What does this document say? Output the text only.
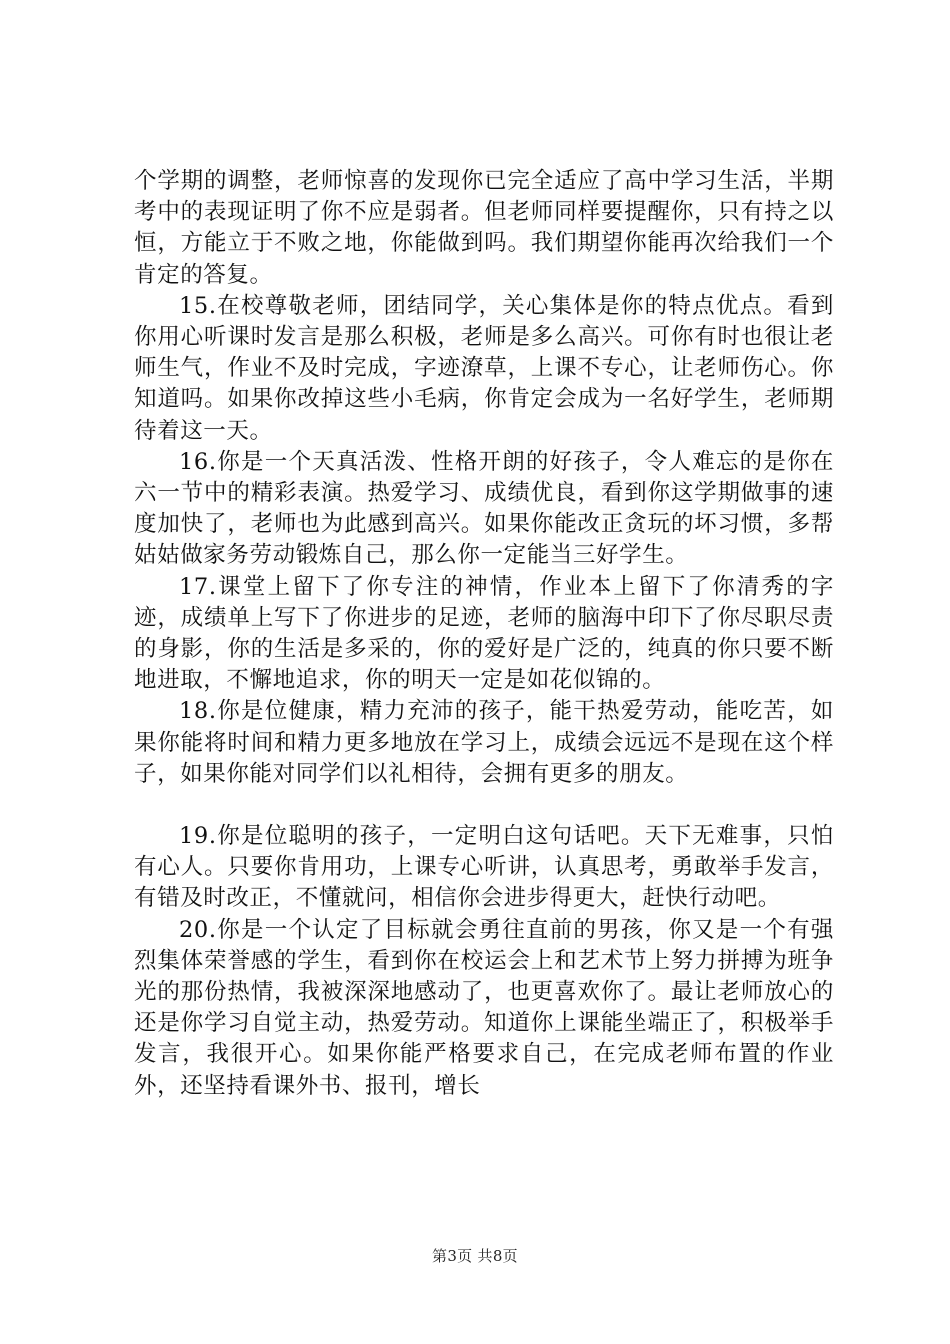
个学期的调整，老师惊喜的发现你已完全适应了高中学习生活，半期考中的表现证明了你不应是弱者。但老师同样要提醒你，只有持之以恒，方能立于不败之地，你能做到吗。我们期望你能再次给我们一个肯定的答复。

15.在校尊敬老师，团结同学，关心集体是你的特点优点。看到你用心听课时发言是那么积极，老师是多么高兴。可你有时也很让老师生气，作业不及时完成，字迹潦草，上课不专心，让老师伤心。你知道吗。如果你改掉这些小毛病，你肯定会成为一名好学生，老师期待着这一天。

16.你是一个天真活泼、性格开朗的好孩子，令人难忘的是你在六一节中的精彩表演。热爱学习、成绩优良，看到你这学期做事的速度加快了，老师也为此感到高兴。如果你能改正贪玩的坏习惯，多帮姑姑做家务劳动锻炼自己，那么你一定能当三好学生。

17.课堂上留下了你专注的神情，作业本上留下了你清秀的字迹，成绩单上写下了你进步的足迹，老师的脑海中印下了你尽职尽责的身影，你的生活是多采的，你的爱好是广泛的，纯真的你只要不断地进取，不懈地追求，你的明天一定是如花似锦的。

18.你是位健康，精力充沛的孩子，能干热爱劳动，能吃苦，如果你能将时间和精力更多地放在学习上，成绩会远远不是现在这个样子，如果你能对同学们以礼相待，会拥有更多的朋友。

19.你是位聪明的孩子，一定明白这句话吧。天下无难事，只怕有心人。只要你肯用功，上课专心听讲，认真思考，勇敢举手发言，有错及时改正，不懂就问，相信你会进步得更大，赶快行动吧。

20.你是一个认定了目标就会勇往直前的男孩，你又是一个有强烈集体荣誉感的学生，看到你在校运会上和艺术节上努力拼搏为班争光的那份热情，我被深深地感动了，也更喜欢你了。最让老师放心的还是你学习自觉主动，热爱劳动。知道你上课能坐端正了，积极举手发言，我很开心。如果你能严格要求自己，在完成老师布置的作业外，还坚持看课外书、报刊，增长

第3页 共8页
